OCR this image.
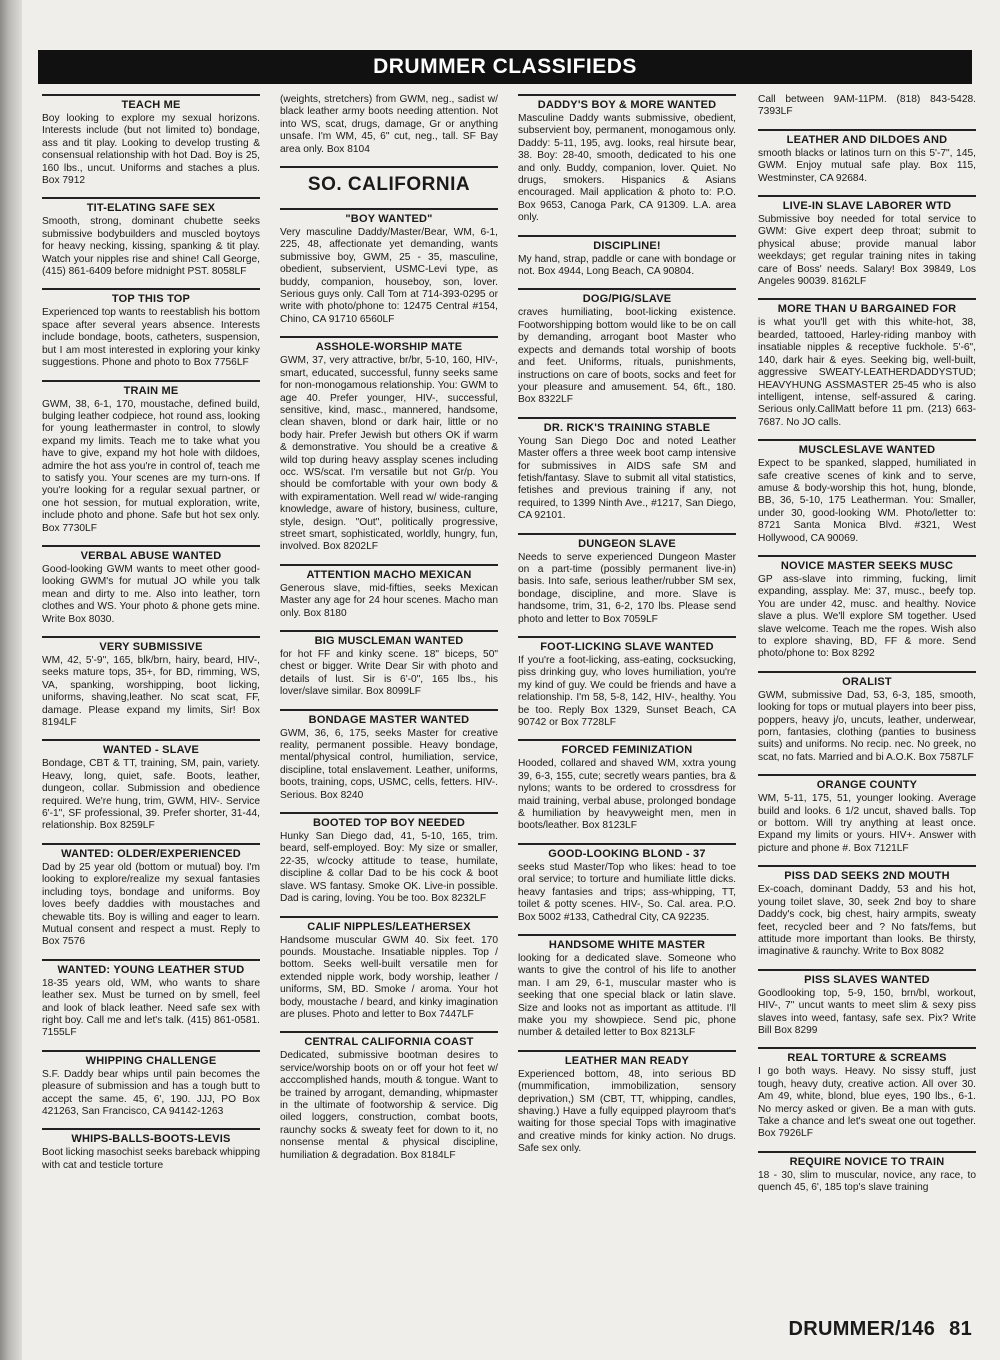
DRUMMER CLASSIFIEDS
TEACH ME
Boy looking to explore my sexual horizons. Interests include (but not limited to) bondage, ass and tit play. Looking to develop trusting & consensual relationship with hot Dad. Boy is 25, 160 lbs., uncut. Uniforms and staches a plus. Box 7912
TIT-ELATING SAFE SEX
Smooth, strong, dominant chubette seeks submissive bodybuilders and muscled boytoys for heavy necking, kissing, spanking & tit play. Watch your nipples rise and shine! Call George, (415) 861-6409 before midnight PST. 8058LF
TOP THIS TOP
Experienced top wants to reestablish his bottom space after several years absence. Interests include bondage, boots, catheters, suspension, but I am most interested in exploring your kinky suggestions. Phone and photo to Box 7756LF
TRAIN ME
GWM, 38, 6-1, 170, moustache, defined build, bulging leather codpiece, hot round ass, looking for young leathermaster in control, to slowly expand my limits. Teach me to take what you have to give, expand my hot hole with dildoes, admire the hot ass you're in control of, teach me to satisfy you. Your scenes are my turn-ons. If you're looking for a regular sexual partner, or one hot session, for mutual exploration, write, include photo and phone. Safe but hot sex only. Box 7730LF
VERBAL ABUSE WANTED
Good-looking GWM wants to meet other good-looking GWM's for mutual JO while you talk mean and dirty to me. Also into leather, torn clothes and WS. Your photo & phone gets mine. Write Box 8030.
VERY SUBMISSIVE
WM, 42, 5'-9", 165, blk/brn, hairy, beard, HIV-, seeks mature tops, 35+, for BD, rimming, WS, VA, spanking, worshipping, boot licking, uniforms, shaving,leather. No scat scat, FF, damage. Please expand my limits, Sir! Box 8194LF
WANTED - SLAVE
Bondage, CBT & TT, training, SM, pain, variety. Heavy, long, quiet, safe. Boots, leather, dungeon, collar. Submission and obedience required. We're hung, trim, GWM, HIV-. Service 6'-1", SF professional, 39. Prefer shorter, 31-44, relationship. Box 8259LF
WANTED: OLDER/EXPERIENCED
Dad by 25 year old (bottom or mutual) boy. I'm looking to explore/realize my sexual fantasies including toys, bondage and uniforms. Boy loves beefy daddies with moustaches and chewable tits. Boy is willing and eager to learn. Mutual consent and respect a must. Reply to Box 7576
WANTED: YOUNG LEATHER STUD
18-35 years old, WM, who wants to share leather sex. Must be turned on by smell, feel and look of black leather. Need safe sex with right boy. Call me and let's talk. (415) 861-0581. 7155LF
WHIPPING CHALLENGE
S.F. Daddy bear whips until pain becomes the pleasure of submission and has a tough butt to accept the same. 45, 6', 190. JJJ, PO Box 421263, San Francisco, CA 94142-1263
WHIPS-BALLS-BOOTS-LEVIS
Boot licking masochist seeks bareback whipping with cat and testicle torture
(weights, stretchers) from GWM, neg., sadist w/ black leather army boots needing attention. Not into WS, scat, drugs, damage, Gr or anything unsafe. I'm WM, 45, 6" cut, neg., tall. SF Bay area only. Box 8104
SO. CALIFORNIA
"BOY WANTED"
Very masculine Daddy/Master/Bear, WM, 6-1, 225, 48, affectionate yet demanding, wants submissive boy, GWM, 25 - 35, masculine, obedient, subservient, USMC-Levi type, as buddy, companion, houseboy, son, lover. Serious guys only. Call Tom at 714-393-0295 or write with photo/phone to: 12475 Central #154, Chino, CA 91710 6560LF
ASSHOLE-WORSHIP MATE
GWM, 37, very attractive, br/br, 5-10, 160, HIV-, smart, educated, successful, funny seeks same for non-monogamous relationship. You: GWM to age 40. Prefer younger, HIV-, successful, sensitive, kind, masc., mannered, handsome, clean shaven, blond or dark hair, little or no body hair. Prefer Jewish but others OK if warm & demonstrative. You should be a creative & wild top during heavy assplay scenes including occ. WS/scat. I'm versatile but not Gr/p. You should be comfortable with your own body & with expiramentation. Well read w/ wide-ranging knowledge, aware of history, business, culture, style, design. "Out", politically progressive, street smart, sophisticated, worldly, hungry, fun, involved. Box 8202LF
ATTENTION MACHO MEXICAN
Generous slave, mid-fifties, seeks Mexican Master any age for 24 hour scenes. Macho man only. Box 8180
BIG MUSCLEMAN WANTED
for hot FF and kinky scene. 18" biceps, 50" chest or bigger. Write Dear Sir with photo and details of lust. Sir is 6'-0", 165 lbs., his lover/slave similar. Box 8099LF
BONDAGE MASTER WANTED
GWM, 36, 6, 175, seeks Master for creative reality, permanent possible. Heavy bondage, mental/physical control, humiliation, service, discipline, total enslavement. Leather, uniforms, boots, training, cops, USMC, cells, fetters. HIV-. Serious. Box 8240
BOOTED TOP BOY NEEDED
Hunky San Diego dad, 41, 5-10, 165, trim. beard, self-employed. Boy: My size or smaller, 22-35, w/cocky attitude to tease, humilate, discipline & collar Dad to be his cock & boot slave. WS fantasy. Smoke OK. Live-in possible. Dad is caring, loving. You be too. Box 8232LF
CALIF NIPPLES/LEATHERSEX
Handsome muscular GWM 40. Six feet. 170 pounds. Moustache. Insatiable nipples. Top / bottom. Seeks well-built versatile men for extended nipple work, body worship, leather / uniforms, SM, BD. Smoke / aroma. Your hot body, moustache / beard, and kinky imagination are pluses. Photo and letter to Box 7447LF
CENTRAL CALIFORNIA COAST
Dedicated, submissive bootman desires to service/worship boots on or off your hot feet w/ acccomplished hands, mouth & tongue. Want to be trained by arrogant, demanding, whipmaster in the ultimate of footworship & service. Dig oiled loggers, construction, combat boots, raunchy socks & sweaty feet for down to it, no nonsense mental & physical discipline, humiliation & degradation. Box 8184LF
DADDY'S BOY & MORE WANTED
Masculine Daddy wants submissive, obedient, subservient boy, permanent, monogamous only. Daddy: 5-11, 195, avg. looks, real hirsute bear, 38. Boy: 28-40, smooth, dedicated to his one and only. Buddy, companion, lover. Quiet. No drugs, smokers. Hispanics & Asians encouraged. Mail application & photo to: P.O. Box 9653, Canoga Park, CA 91309. L.A. area only.
DISCIPLINE!
My hand, strap, paddle or cane with bondage or not. Box 4944, Long Beach, CA 90804.
DOG/PIG/SLAVE
craves humiliating, boot-licking existence. Footworshipping bottom would like to be on call by demanding, arrogant boot Master who expects and demands total worship of boots and feet. Uniforms, rituals, punishments, instructions on care of boots, socks and feet for your pleasure and amusement. 54, 6ft., 180. Box 8322LF
DR. RICK'S TRAINING STABLE
Young San Diego Doc and noted Leather Master offers a three week boot camp intensive for submissives in AIDS safe SM and fetish/fantasy. Slave to submit all vital statistics, fetishes and previous training if any, not required, to 1399 Ninth Ave., #1217, San Diego, CA 92101.
DUNGEON SLAVE
Needs to serve experienced Dungeon Master on a part-time (possibly permanent live-in) basis. Into safe, serious leather/rubber SM sex, bondage, discipline, and more. Slave is handsome, trim, 31, 6-2, 170 lbs. Please send photo and letter to Box 7059LF
FOOT-LICKING SLAVE WANTED
If you're a foot-licking, ass-eating, cocksucking, piss drinking guy, who loves humiliation, you're my kind of guy. We could be friends and have a relationship. I'm 58, 5-8, 142, HIV-, healthy. You be too. Reply Box 1329, Sunset Beach, CA 90742 or Box 7728LF
FORCED FEMINIZATION
Hooded, collared and shaved WM, xxtra young 39, 6-3, 155, cute; secretly wears panties, bra & nylons; wants to be ordered to crossdress for maid training, verbal abuse, prolonged bondage & humiliation by heavyweight men, men in boots/leather. Box 8123LF
GOOD-LOOKING BLOND - 37
seeks stud Master/Top who likes: head to toe oral service; to torture and humiliate little dicks. heavy fantasies and trips; ass-whipping, TT, toilet & potty scenes. HIV-, So. Cal. area. P.O. Box 5002 #133, Cathedral City, CA 92235.
HANDSOME WHITE MASTER
looking for a dedicated slave. Someone who wants to give the control of his life to another man. I am 29, 6-1, muscular master who is seeking that one special black or latin slave. Size and looks not as important as attitude. I'll make you my showpiece. Send pic, phone number & detailed letter to Box 8213LF
LEATHER MAN READY
Experienced bottom, 48, into serious BD (mummification, immobilization, sensory deprivation,) SM (CBT, TT, whipping, candles, shaving.) Have a fully equipped playroom that's waiting for those special Tops with imaginative and creative minds for kinky action. No drugs. Safe sex only.
Call between 9AM-11PM. (818) 843-5428. 7393LF
LEATHER AND DILDOES AND
smooth blacks or latinos turn on this 5'-7", 145, GWM. Enjoy mutual safe play. Box 115, Westminster, CA 92684.
LIVE-IN SLAVE LABORER WTD
Submissive boy needed for total service to GWM: Give expert deep throat; submit to physical abuse; provide manual labor weekdays; get regular training nites in taking care of Boss' needs. Salary! Box 39849, Los Angeles 90039. 8162LF
MORE THAN U BARGAINED FOR
is what you'll get with this white-hot, 38, bearded, tattooed, Harley-riding manboy with insatiable nipples & receptive fuckhole. 5'-6", 140, dark hair & eyes. Seeking big, well-built, aggressive SWEATY-LEATHERDADDYSTUD; HEAVYHUNG ASSMASTER 25-45 who is also intelligent, intense, self-assured & caring. Serious only.CallMatt before 11 pm. (213) 663-7687. No JO calls.
MUSCLESLAVE WANTED
Expect to be spanked, slapped, humiliated in safe creative scenes of kink and to serve, amuse & body-worship this hot, hung, blonde, BB, 36, 5-10, 175 Leatherman. You: Smaller, under 30, good-looking WM. Photo/letter to: 8721 Santa Monica Blvd. #321, West Hollywood, CA 90069.
NOVICE MASTER SEEKS MUSC
GP ass-slave into rimming, fucking, limit expanding, assplay. Me: 37, musc., beefy top. You are under 42, musc. and healthy. Novice slave a plus. We'll explore SM together. Used slave welcome. Teach me the ropes. Wish also to explore shaving, BD, FF & more. Send photo/phone to: Box 8292
ORALIST
GWM, submissive Dad, 53, 6-3, 185, smooth, looking for tops or mutual players into beer piss, poppers, heavy j/o, uncuts, leather, underwear, porn, fantasies, clothing (panties to business suits) and uniforms. No recip. nec. No greek, no scat, no fats. Married and bi A.O.K. Box 7587LF
ORANGE COUNTY
WM, 5-11, 175, 51, younger looking. Average build and looks. 6 1/2 uncut, shaved balls. Top or bottom. Will try anything at least once. Expand my limits or yours. HIV+. Answer with picture and phone #. Box 7121LF
PISS DAD SEEKS 2ND MOUTH
Ex-coach, dominant Daddy, 53 and his hot, young toilet slave, 30, seek 2nd boy to share Daddy's cock, big chest, hairy armpits, sweaty feet, recycled beer and ? No fats/fems, but attitude more important than looks. Be thirsty, imaginative & raunchy. Write to Box 8082
PISS SLAVES WANTED
Goodlooking top, 5-9, 150, brn/bl, workout, HIV-, 7" uncut wants to meet slim & sexy piss slaves into weed, fantasy, safe sex. Pix? Write Bill Box 8299
REAL TORTURE & SCREAMS
I go both ways. Heavy. No sissy stuff, just tough, heavy duty, creative action. All over 30. Am 49, white, blond, blue eyes, 190 lbs., 6-1. No mercy asked or given. Be a man with guts. Take a chance and let's sweat one out together. Box 7926LF
REQUIRE NOVICE TO TRAIN
18 - 30, slim to muscular, novice, any race, to quench 45, 6', 185 top's slave training
DRUMMER/146 81
